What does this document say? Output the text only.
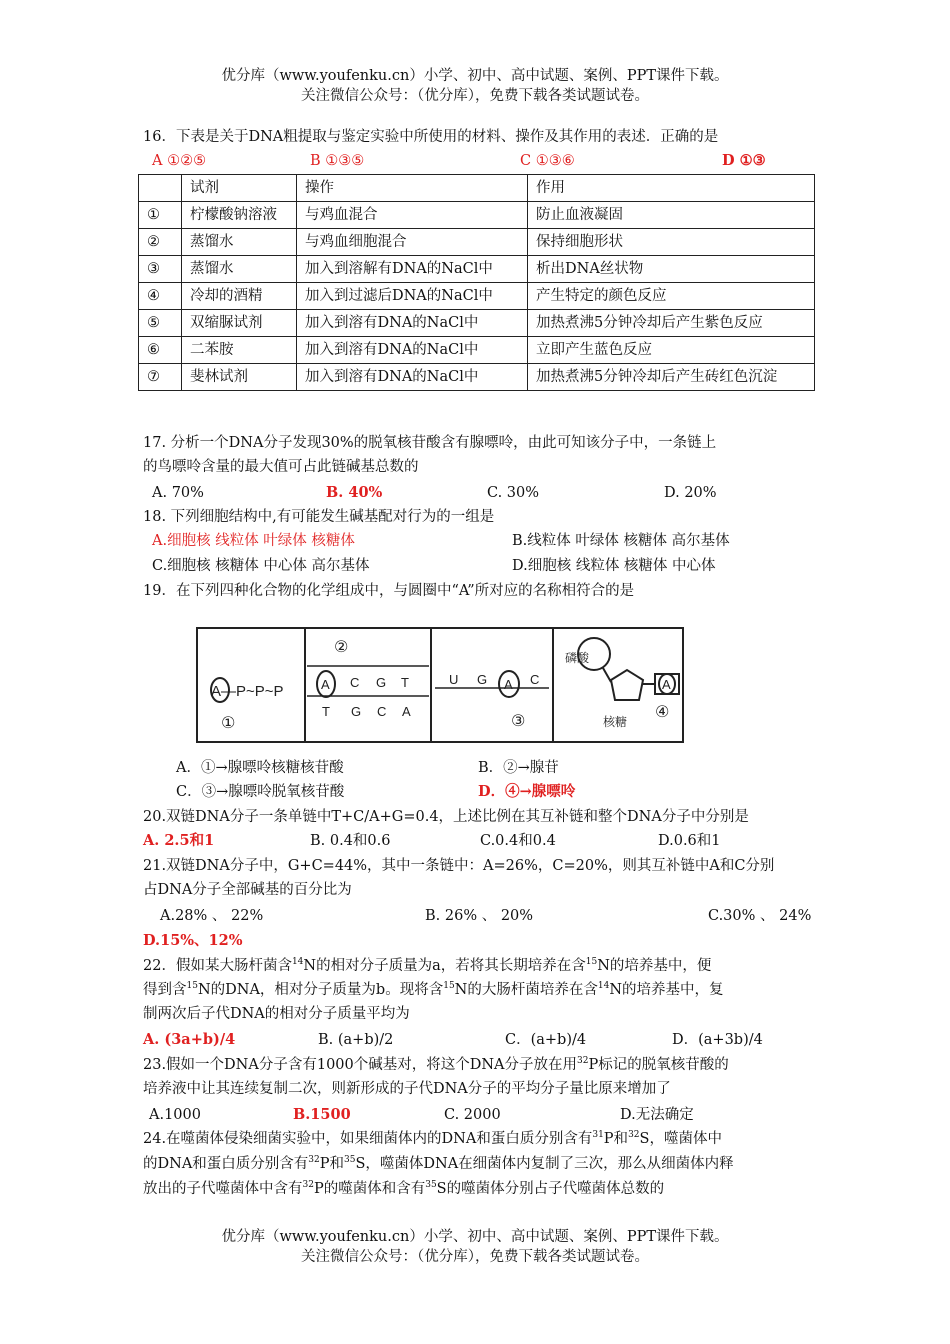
优分库（www.youfenku.cn）小学、初中、高中试题、案例、PPT课件下载。
关注微信公众号：（优分库），免费下载各类试题试卷。
16．下表是关于DNA粗提取与鉴定实验中所使用的材料、操作及其作用的表述．正确的是
A ①②⑤	B ①③⑤	C ①③⑥	D ①③
	试剂	操作	作用
①	柠檬酸钠溶液	与鸡血混合	防止血液凝固
②	蒸馏水	与鸡血细胞混合	保持细胞形状
③	蒸馏水	加入到溶解有DNA的NaCl中	析出DNA丝状物
④	冷却的酒精	加入到过滤后DNA的NaCl中	产生特定的颜色反应
⑤	双缩脲试剂	加入到溶有DNA的NaCl中	加热煮沸5分钟冷却后产生紫色反应
⑥	二苯胺	加入到溶有DNA的NaCl中	立即产生蓝色反应
⑦	斐林试剂	加入到溶有DNA的NaCl中	加热煮沸5分钟冷却后产生砖红色沉淀
17. 分析一个DNA分子发现30%的脱氧核苷酸含有腺嘌呤，由此可知该分子中，一条链上
的鸟嘌呤含量的最大值可占此链碱基总数的
A. 70%	B. 40%	C. 30%	D. 20%
18. 下列细胞结构中,有可能发生碱基配对行为的一组是
A.细胞核 线粒体 叶绿体 核糖体	B.线粒体 叶绿体 核糖体 高尔基体
C.细胞核 核糖体 中心体 高尔基体	D.细胞核 线粒体 核糖体 中心体
19．在下列四种化合物的化学组成中，与圆圈中“A”所对应的名称相符合的是
A—P~P~P
①
②
A C G T
T G C A
U G A C
③
磷酸
核糖
A
④
A．①→腺嘌呤核糖核苷酸	B．②→腺苷
C．③→腺嘌呤脱氧核苷酸	D．④→腺嘌呤
20.双链DNA分子一条单链中T+C/A+G=0.4，上述比例在其互补链和整个DNA分子中分别是
A. 2.5和1	B. 0.4和0.6	C.0.4和0.4	D.0.6和1
21.双链DNA分子中，G+C=44%，其中一条链中：A=26%，C=20%，则其互补链中A和C分别
占DNA分子全部碱基的百分比为
A.28% 、 22%	B. 26% 、 20%	C.30% 、 24%
D.15%、12%
22．假如某大肠杆菌含$^{14}$N的相对分子质量为a，若将其长期培养在含$^{15}$N的培养基中，便
得到含$^{15}$N的DNA，相对分子质量为b。现将含$^{15}$N的大肠杆菌培养在含$^{14}$N的培养基中，复
制两次后子代DNA的相对分子质量平均为
A. (3a+b)/4	B. (a+b)/2	C．(a+b)/4	D．(a+3b)/4
23.假如一个DNA分子含有1000个碱基对，将这个DNA分子放在用$^{32}$P标记的脱氧核苷酸的
培养液中让其连续复制二次，则新形成的子代DNA分子的平均分子量比原来增加了
A.1000	B.1500	C. 2000	D.无法确定
24.在噬菌体侵染细菌实验中，如果细菌体内的DNA和蛋白质分别含有$^{31}$P和$^{32}$S，噬菌体中
的DNA和蛋白质分别含有$^{32}$P和$^{35}$S，噬菌体DNA在细菌体内复制了三次，那么从细菌体内释
放出的子代噬菌体中含有$^{32}$P的噬菌体和含有$^{35}$S的噬菌体分别占子代噬菌体总数的
优分库（www.youfenku.cn）小学、初中、高中试题、案例、PPT课件下载。
关注微信公众号：（优分库），免费下载各类试题试卷。
